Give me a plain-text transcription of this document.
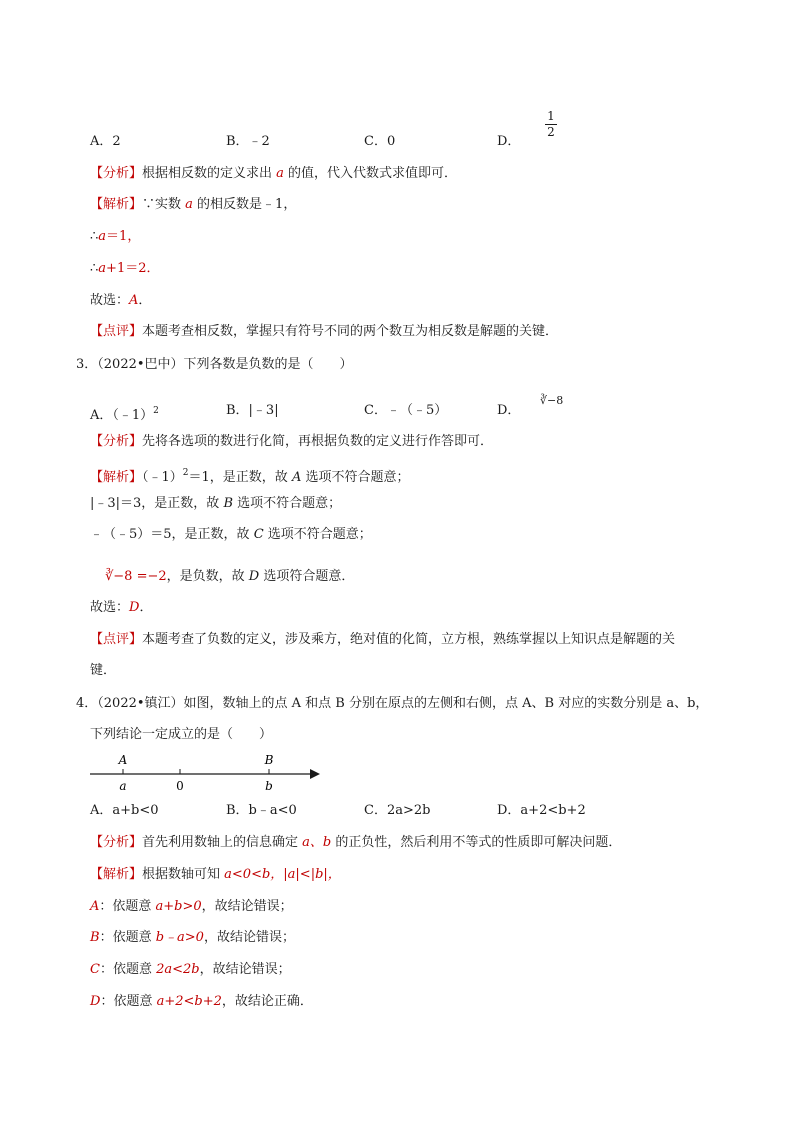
A．2	B．﹣2	C．0	D．
1
2
【分析】根据相反数的定义求出 a 的值，代入代数式求值即可．
【解析】∵实数 a 的相反数是﹣1，
∴a＝1，
∴a+1＝2．
故选：A．
【点评】本题考查相反数，掌握只有符号不同的两个数互为相反数是解题的关键．
3．（2022•巴中）下列各数是负数的是（　　）
A．（﹣1）$^2$	B．|﹣3|	C．﹣（﹣5）	D．
∛−8
【分析】先将各选项的数进行化简，再根据负数的定义进行作答即可．
【解析】（﹣1）$^2$＝1，是正数，故 A 选项不符合题意；
|﹣3|＝3，是正数，故 B 选项不符合题意；
﹣（﹣5）＝5，是正数，故 C 选项不符合题意；
∛−8 =−2，是负数，故 D 选项符合题意．
故选：D．
【点评】本题考查了负数的定义，涉及乘方，绝对值的化简，立方根，熟练掌握以上知识点是解题的关
键．
4．（2022•镇江）如图，数轴上的点 A 和点 B 分别在原点的左侧和右侧，点 A、B 对应的实数分别是 a、b，
下列结论一定成立的是（　　）
A
a	0
B
b
A．a+b<0	B．b﹣a<0	C．2a>2b	D．a+2<b+2
【分析】首先利用数轴上的信息确定 a、b 的正负性，然后利用不等式的性质即可解决问题．
【解析】根据数轴可知 a<0<b，|a|<|b|，
A：依题意 a+b>0，故结论错误；
B：依题意 b﹣a>0，故结论错误；
C：依题意 2a<2b，故结论错误；
D：依题意 a+2<b+2，故结论正确．
